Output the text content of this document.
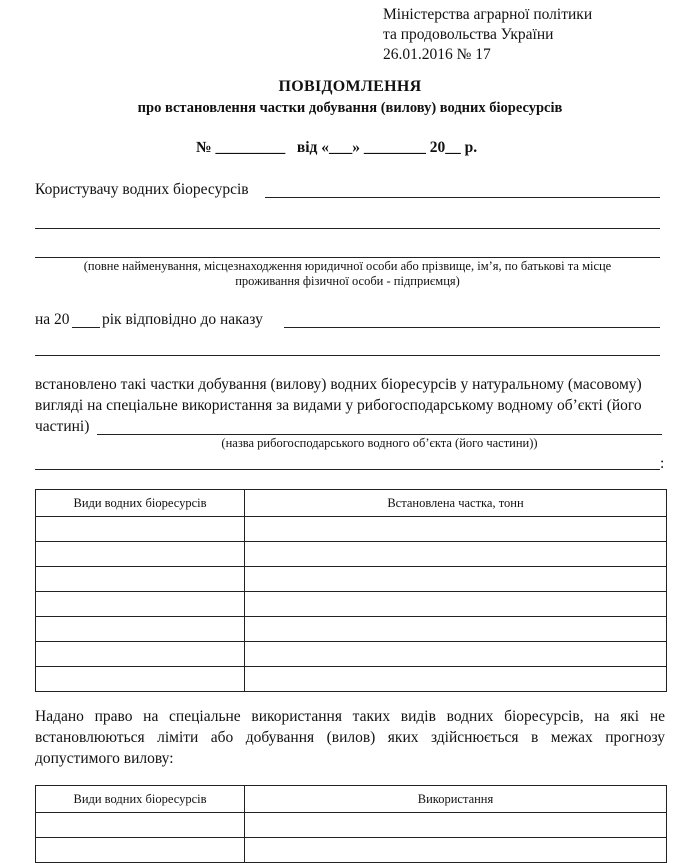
Міністерства аграрної політики
та продовольства України
26.01.2016 № 17
ПОВІДОМЛЕННЯ
про встановлення частки добування (вилову) водних біоресурсів
№ _________   від «___» ________ 20__ р.
Користувачу водних біоресурсів
(повне найменування, місцезнаходження юридичної особи або прізвище, ім’я, по батькові та місце
проживання фізичної особи - підприємця)
на 20 рік відповідно до наказу
встановлено такі частки добування (вилову) водних біоресурсів у натуральному (масовому)
вигляді на спеціальне використання за видами у рибогосподарському водному об’єкті (його
частині)
(назва рибогосподарського водного об’єкта (його частини))
:
Види водних біоресурсів	Встановлена частка, тонн

Надано право на спеціальне використання таких видів водних біоресурсів, на які не
встановлюються ліміти або добування (вилов) яких здійснюється в межах прогнозу
допустимого вилову:
Види водних біоресурсів	Використання
